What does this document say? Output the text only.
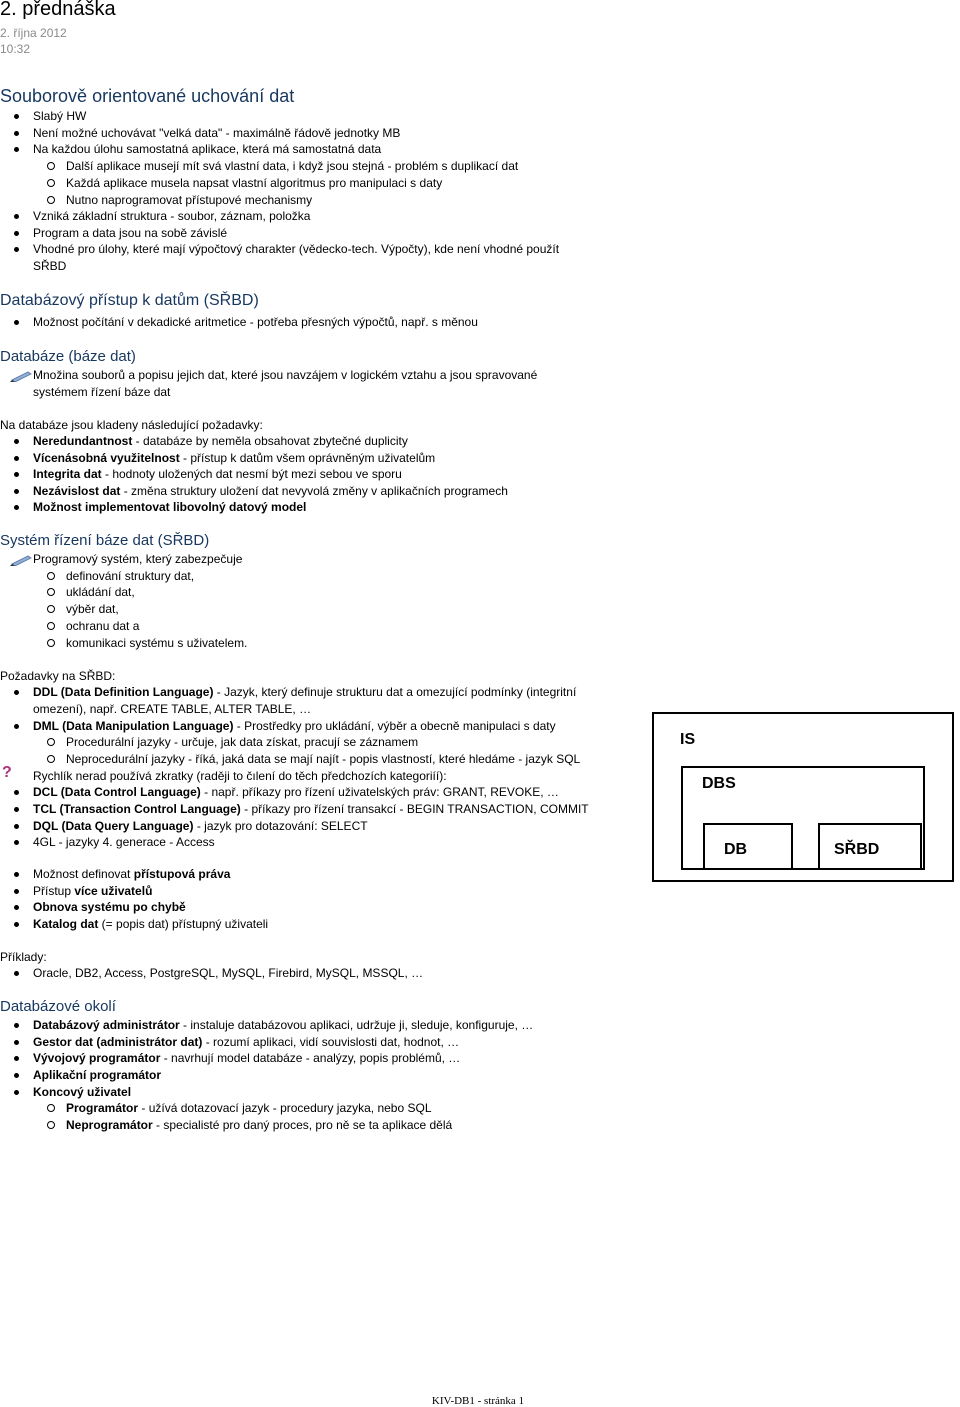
2. přednáška
2. října 2012
10:32
Souborově orientované uchování dat
Slabý HW
Není možné uchovávat "velká data" - maximálně řádově jednotky MB
Na každou úlohu samostatná aplikace, která má samostatná data
Další aplikace musejí mít svá vlastní data, i když jsou stejná - problém s duplikací dat
Každá aplikace musela napsat vlastní algoritmus pro manipulaci s daty
Nutno naprogramovat přístupové mechanismy
Vzniká základní struktura - soubor, záznam, položka
Program a data jsou na sobě závislé
Vhodné pro úlohy, které mají výpočtový charakter (vědecko-tech. Výpočty), kde není vhodné použít
SŘBD
Databázový přístup k datům (SŘBD)
Možnost počítání v dekadické aritmetice - potřeba přesných výpočtů, např. s měnou
Databáze (báze dat)
Množina souborů a popisu jejich dat, které jsou navzájem v logickém vztahu a jsou spravované
systémem řízení báze dat
Na databáze jsou kladeny následující požadavky:
Neredundantnost - databáze by neměla obsahovat zbytečné duplicity
Vícenásobná využitelnost - přístup k datům všem oprávněným uživatelům
Integrita dat - hodnoty uložených dat nesmí být mezi sebou ve sporu
Nezávislost dat - změna struktury uložení dat nevyvolá změny v aplikačních programech
Možnost implementovat libovolný datový model
Systém řízení báze dat (SŘBD)
Programový systém, který zabezpečuje
definování struktury dat,
ukládání dat,
výběr dat,
ochranu dat a
komunikaci systému s uživatelem.
Požadavky na SŘBD:
DDL (Data Definition Language) - Jazyk, který definuje strukturu dat a omezující podmínky (integritní
omezení), např. CREATE TABLE, ALTER TABLE, …
DML (Data Manipulation Language) - Prostředky pro ukládání, výběr a obecně manipulaci s daty
Procedurální jazyky - určuje, jak data získat, pracují se záznamem
Neprocedurální jazyky - říká, jaká data se mají najít - popis vlastností, které hledáme - jazyk SQL
? Rychlík nerad používá zkratky (raději to čılení do těch předchozích kategoriíí):
DCL (Data Control Language) - např. příkazy pro řízení uživatelských práv: GRANT, REVOKE, …
TCL (Transaction Control Language) - příkazy pro řízení transakcí - BEGIN TRANSACTION, COMMIT
DQL (Data Query Language) - jazyk pro dotazování: SELECT
4GL - jazyky 4. generace - Access
Možnost definovat přístupová práva
Přístup více uživatelů
Obnova systému po chybě
Katalog dat (= popis dat) přístupný uživateli
IS
DBS
DB	SŘBD
Příklady:
Oracle, DB2, Access, PostgreSQL, MySQL, Firebird, MySQL, MSSQL, …
Databázové okolí
Databázový administrátor - instaluje databázovou aplikaci, udržuje ji, sleduje, konfiguruje, …
Gestor dat (administrátor dat) - rozumí aplikaci, vidí souvislosti dat, hodnot, …
Vývojový programátor - navrhují model databáze - analýzy, popis problémů, …
Aplikační programátor
Koncový uživatel
Programátor - užívá dotazovací jazyk - procedury jazyka, nebo SQL
Neprogramátor - specialisté pro daný proces, pro ně se ta aplikace dělá
KIV-DB1 - stránka 1
